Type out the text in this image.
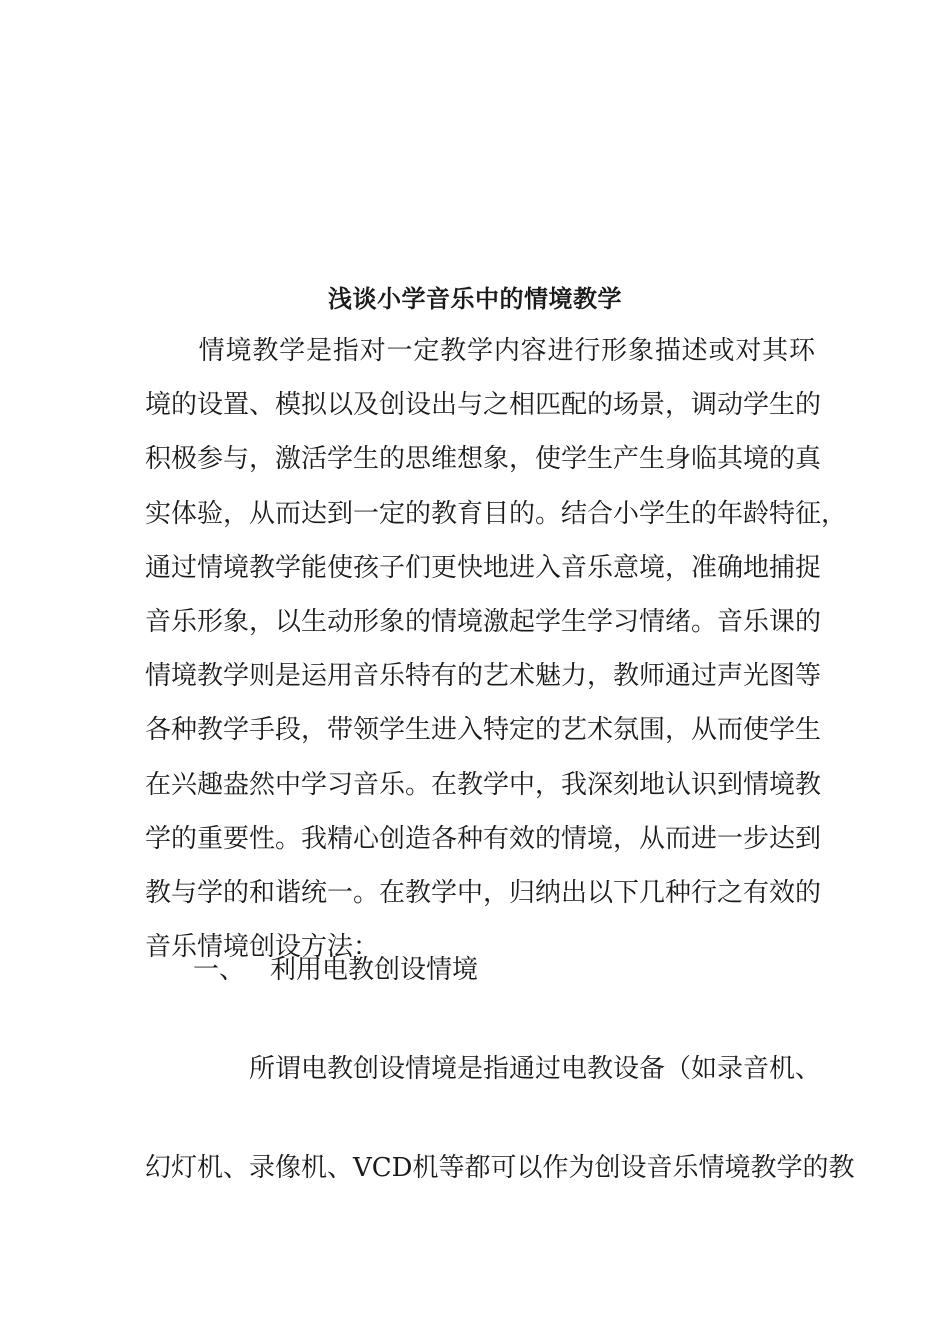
浅谈小学音乐中的情境教学
　　情境教学是指对一定教学内容进行形象描述或对其环
境的设置、模拟以及创设出与之相匹配的场景，调动学生的
积极参与，激活学生的思维想象，使学生产生身临其境的真
实体验，从而达到一定的教育目的。结合小学生的年龄特征，
通过情境教学能使孩子们更快地进入音乐意境，准确地捕捉
音乐形象，以生动形象的情境激起学生学习情绪。音乐课的
情境教学则是运用音乐特有的艺术魅力，教师通过声光图等
各种教学手段，带领学生进入特定的艺术氛围，从而使学生
在兴趣盎然中学习音乐。在教学中，我深刻地认识到情境教
学的重要性。我精心创造各种有效的情境，从而进一步达到
教与学的和谐统一。在教学中，归纳出以下几种行之有效的
音乐情境创设方法：
一、 利用电教创设情境
　　　　所谓电教创设情境是指通过电教设备（如录音机、
幻灯机、录像机、VCD机等都可以作为创设音乐情境教学的教
